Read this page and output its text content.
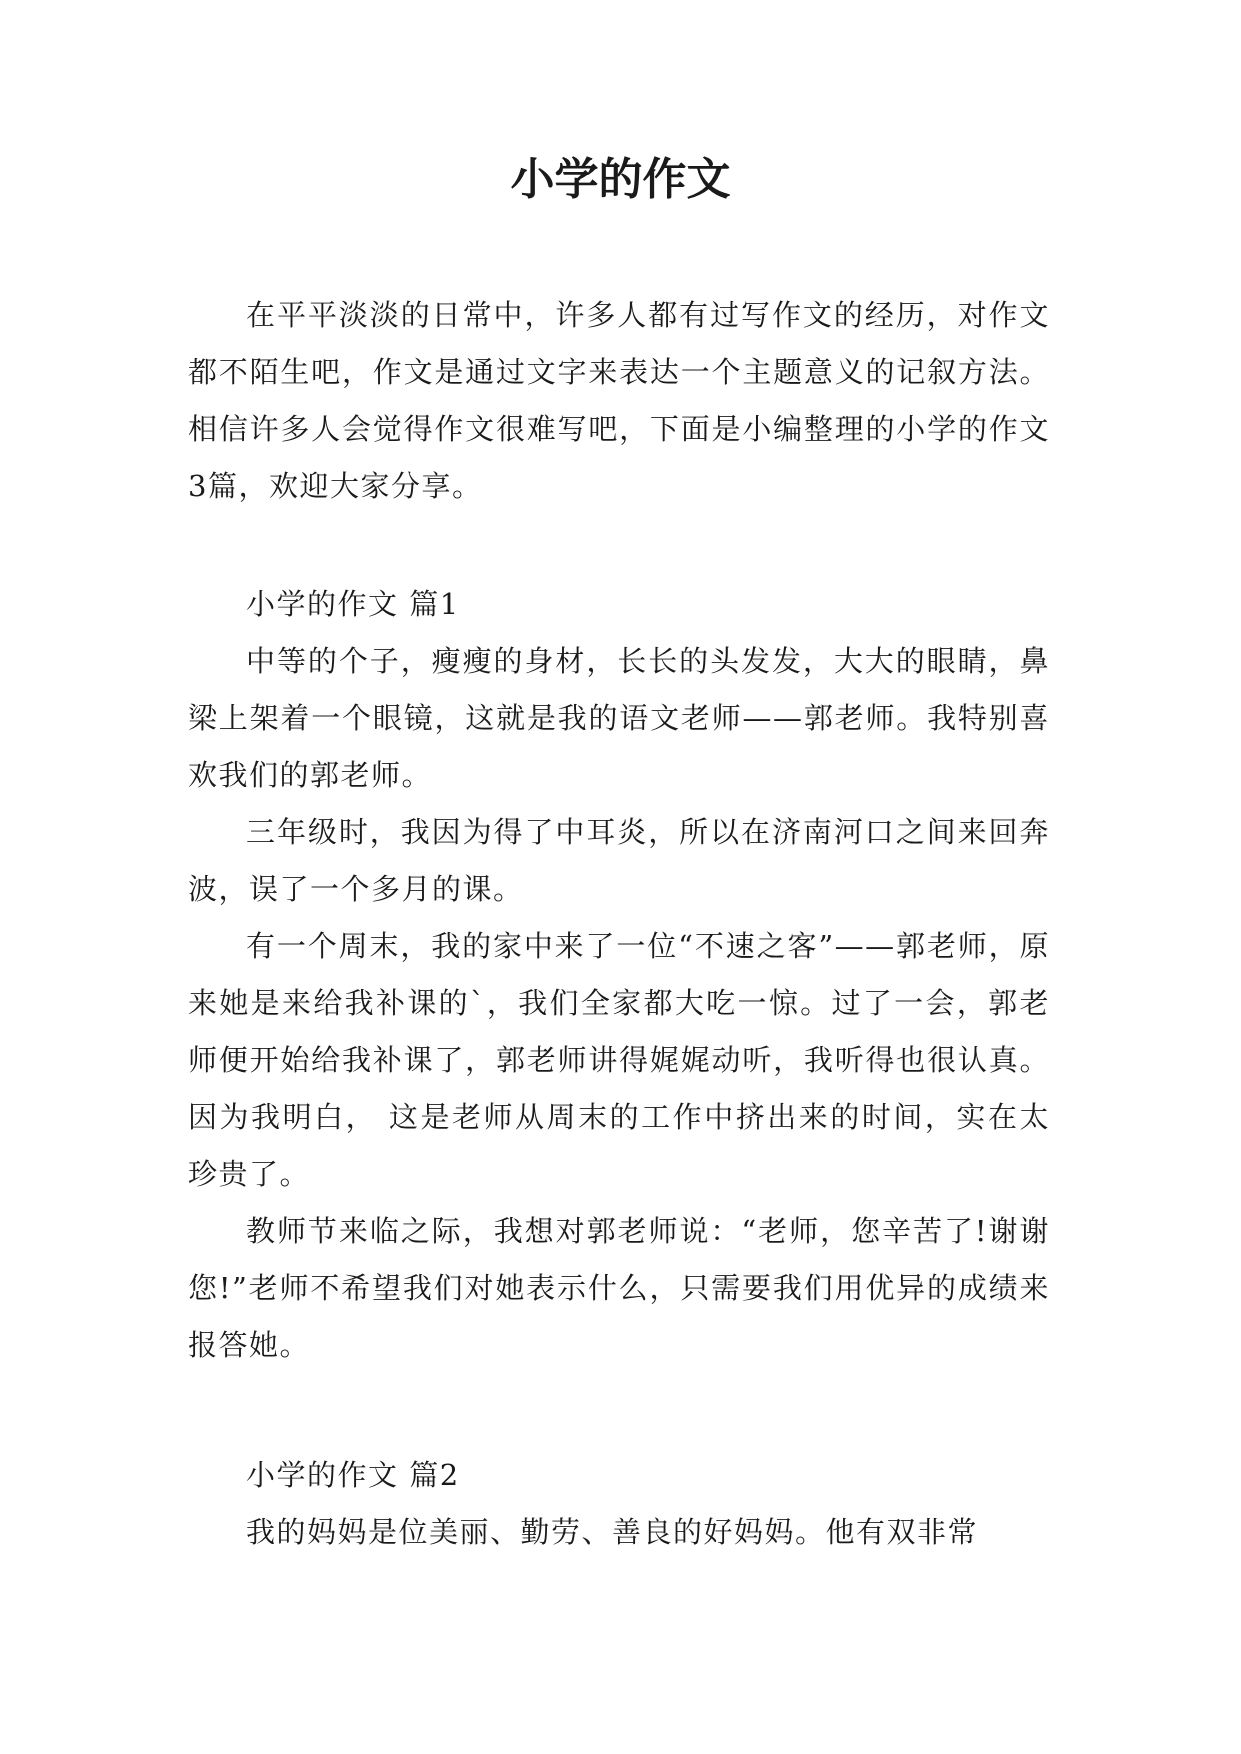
小学的作文

在平平淡淡的日常中，许多人都有过写作文的经历，对作文都不陌生吧，作文是通过文字来表达一个主题意义的记叙方法。相信许多人会觉得作文很难写吧，下面是小编整理的小学的作文3篇，欢迎大家分享。

小学的作文 篇1

中等的个子，瘦瘦的身材，长长的头发发，大大的眼睛，鼻梁上架着一个眼镜，这就是我的语文老师——郭老师。我特别喜欢我们的郭老师。

三年级时，我因为得了中耳炎，所以在济南河口之间来回奔波，误了一个多月的课。

有一个周末，我的家中来了一位“不速之客”——郭老师，原来她是来给我补课的`，我们全家都大吃一惊。过了一会，郭老师便开始给我补课了，郭老师讲得娓娓动听，我听得也很认真。因为我明白， 这是老师从周末的工作中挤出来的时间，实在太珍贵了。

教师节来临之际，我想对郭老师说：“老师，您辛苦了!谢谢您!”老师不希望我们对她表示什么，只需要我们用优异的成绩来报答她。

小学的作文 篇2

我的妈妈是位美丽、勤劳、善良的好妈妈。他有双非常
